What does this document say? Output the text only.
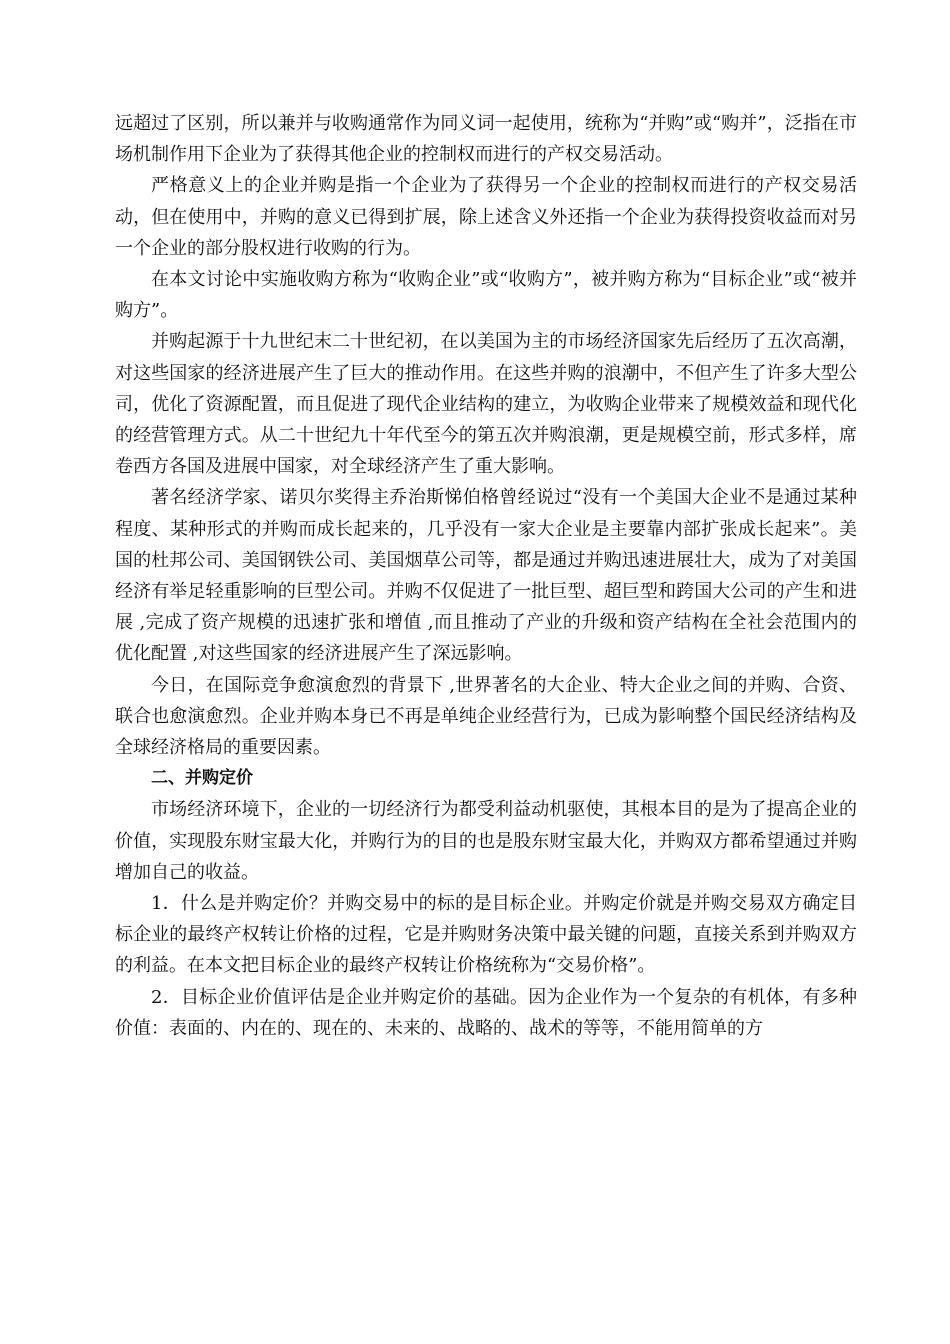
远超过了区别，所以兼并与收购通常作为同义词一起使用，统称为“并购”或“购并”，泛指在市场机制作用下企业为了获得其他企业的控制权而进行的产权交易活动。

严格意义上的企业并购是指一个企业为了获得另一个企业的控制权而进行的产权交易活动，但在使用中，并购的意义已得到扩展，除上述含义外还指一个企业为获得投资收益而对另一个企业的部分股权进行收购的行为。

在本文讨论中实施收购方称为“收购企业”或“收购方”，被并购方称为“目标企业”或“被并购方”。

并购起源于十九世纪末二十世纪初，在以美国为主的市场经济国家先后经历了五次高潮，对这些国家的经济进展产生了巨大的推动作用。在这些并购的浪潮中，不但产生了许多大型公司，优化了资源配置，而且促进了现代企业结构的建立，为收购企业带来了规模效益和现代化的经营管理方式。从二十世纪九十年代至今的第五次并购浪潮，更是规模空前，形式多样，席卷西方各国及进展中国家，对全球经济产生了重大影响。

著名经济学家、诺贝尔奖得主乔治斯悌伯格曾经说过“没有一个美国大企业不是通过某种程度、某种形式的并购而成长起来的，几乎没有一家大企业是主要靠内部扩张成长起来”。美国的杜邦公司、美国钢铁公司、美国烟草公司等，都是通过并购迅速进展壮大，成为了对美国经济有举足轻重影响的巨型公司。并购不仅促进了一批巨型、超巨型和跨国大公司的产生和进展 ,完成了资产规模的迅速扩张和增值 ,而且推动了产业的升级和资产结构在全社会范围内的优化配置 ,对这些国家的经济进展产生了深远影响。

今日，在国际竞争愈演愈烈的背景下 ,世界著名的大企业、特大企业之间的并购、合资、联合也愈演愈烈。企业并购本身已不再是单纯企业经营行为，已成为影响整个国民经济结构及全球经济格局的重要因素。

二、并购定价

市场经济环境下，企业的一切经济行为都受利益动机驱使，其根本目的是为了提高企业的价值，实现股东财宝最大化，并购行为的目的也是股东财宝最大化，并购双方都希望通过并购增加自己的收益。

1．什么是并购定价？并购交易中的标的是目标企业。并购定价就是并购交易双方确定目标企业的最终产权转让价格的过程，它是并购财务决策中最关键的问题，直接关系到并购双方的利益。在本文把目标企业的最终产权转让价格统称为“交易价格”。

2．目标企业价值评估是企业并购定价的基础。因为企业作为一个复杂的有机体，有多种价值：表面的、内在的、现在的、未来的、战略的、战术的等等，不能用简单的方
